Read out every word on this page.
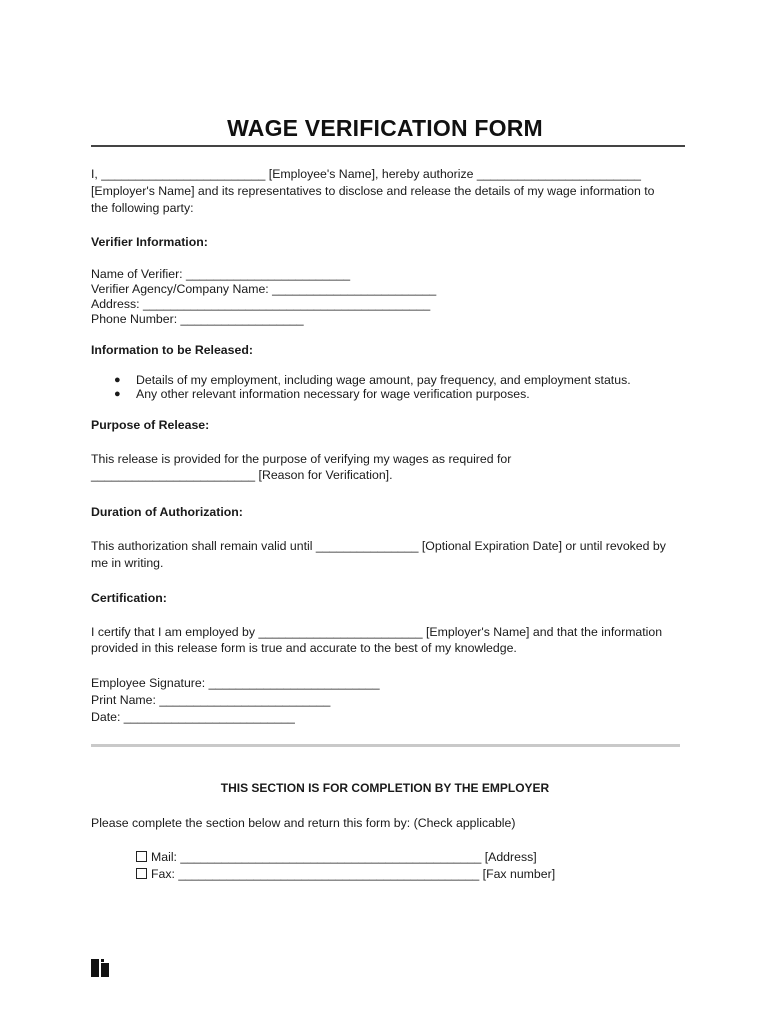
WAGE VERIFICATION FORM
I, ________________________ [Employee's Name], hereby authorize ________________________
[Employer's Name] and its representatives to disclose and release the details of my wage information to
the following party:
Verifier Information:
Name of Verifier: ________________________
Verifier Agency/Company Name: ________________________
Address: __________________________________________
Phone Number: __________________
Information to be Released:
● Details of my employment, including wage amount, pay frequency, and employment status.
● Any other relevant information necessary for wage verification purposes.
Purpose of Release:
This release is provided for the purpose of verifying my wages as required for
________________________ [Reason for Verification].
Duration of Authorization:
This authorization shall remain valid until _______________ [Optional Expiration Date] or until revoked by
me in writing.
Certification:
I certify that I am employed by ________________________ [Employer's Name] and that the information
provided in this release form is true and accurate to the best of my knowledge.
Employee Signature: _________________________
Print Name: _________________________
Date: _________________________
THIS SECTION IS FOR COMPLETION BY THE EMPLOYER
Please complete the section below and return this form by: (Check applicable)
Mail: ____________________________________________ [Address]
Fax: ____________________________________________ [Fax number]
